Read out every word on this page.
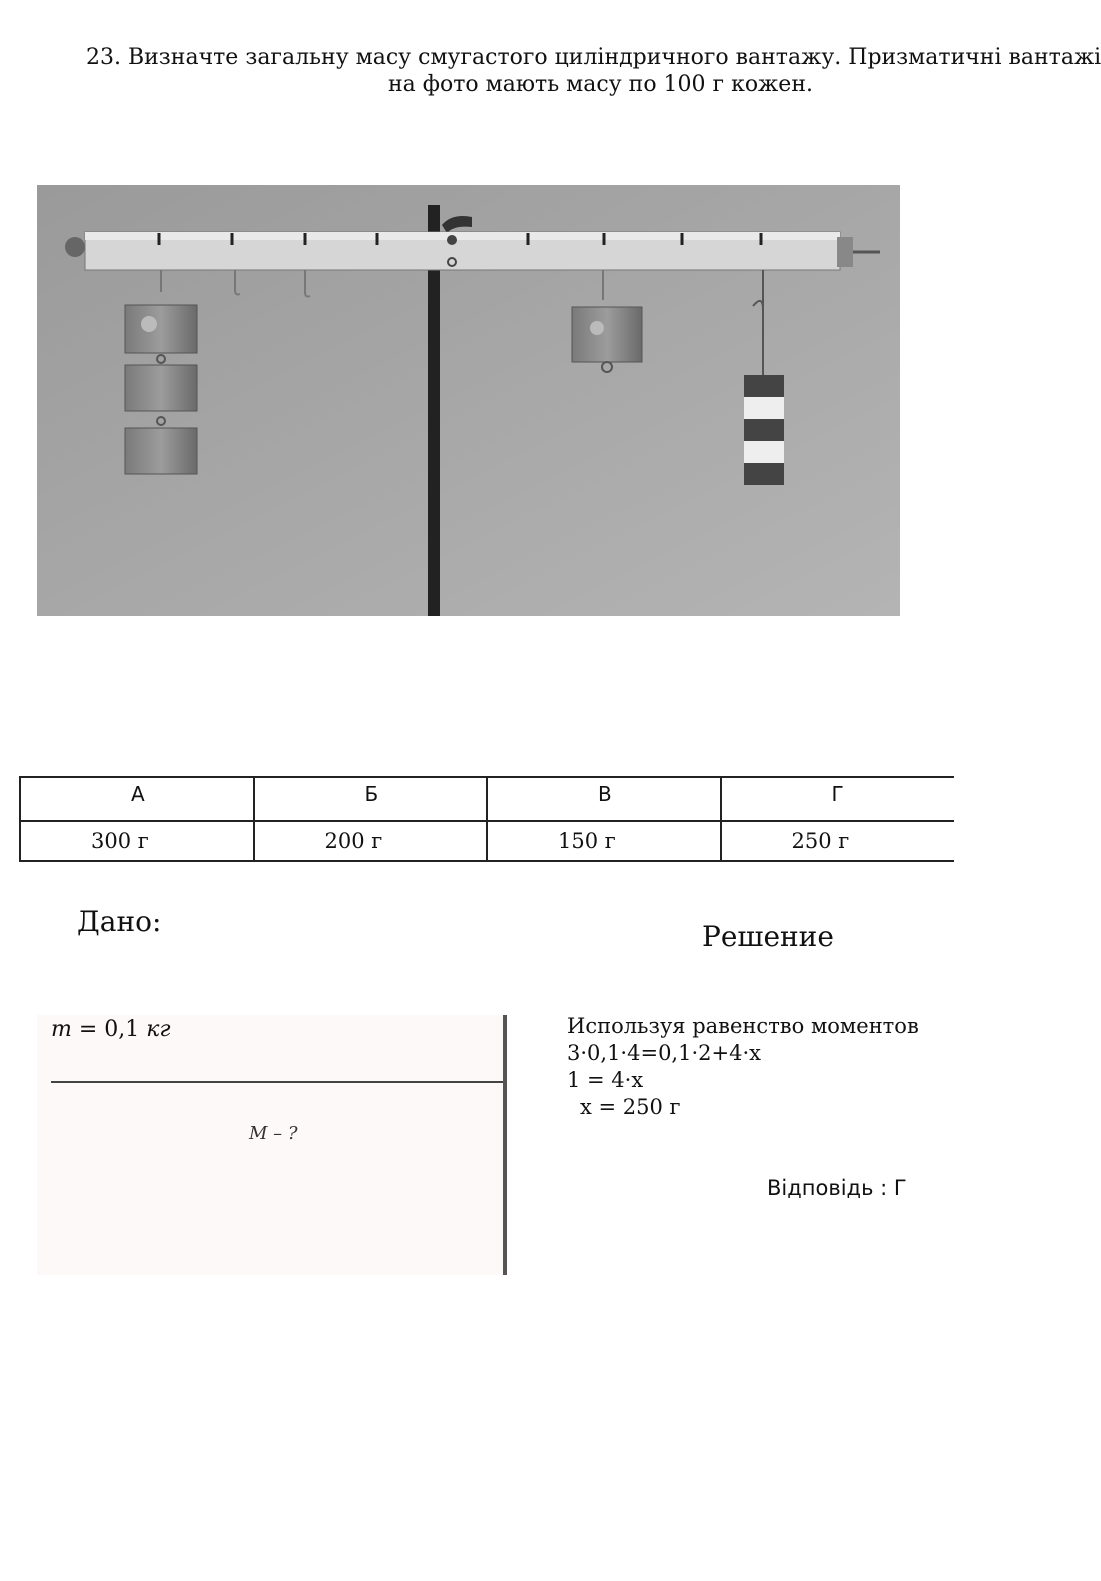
23. Визначте загальну масу смугастого циліндричного вантажу. Призматичні вантажі
на фото мають масу по 100 г кожен.
А	Б	В	Г
300 г	200 г	150 г	250 г
Дано:	Решение
m = 0,1 кг
M – ?
Используя равенство моментов
3·0,1·4=0,1·2+4·x
1 = 4·x
x = 250 г
Відповідь : Г
